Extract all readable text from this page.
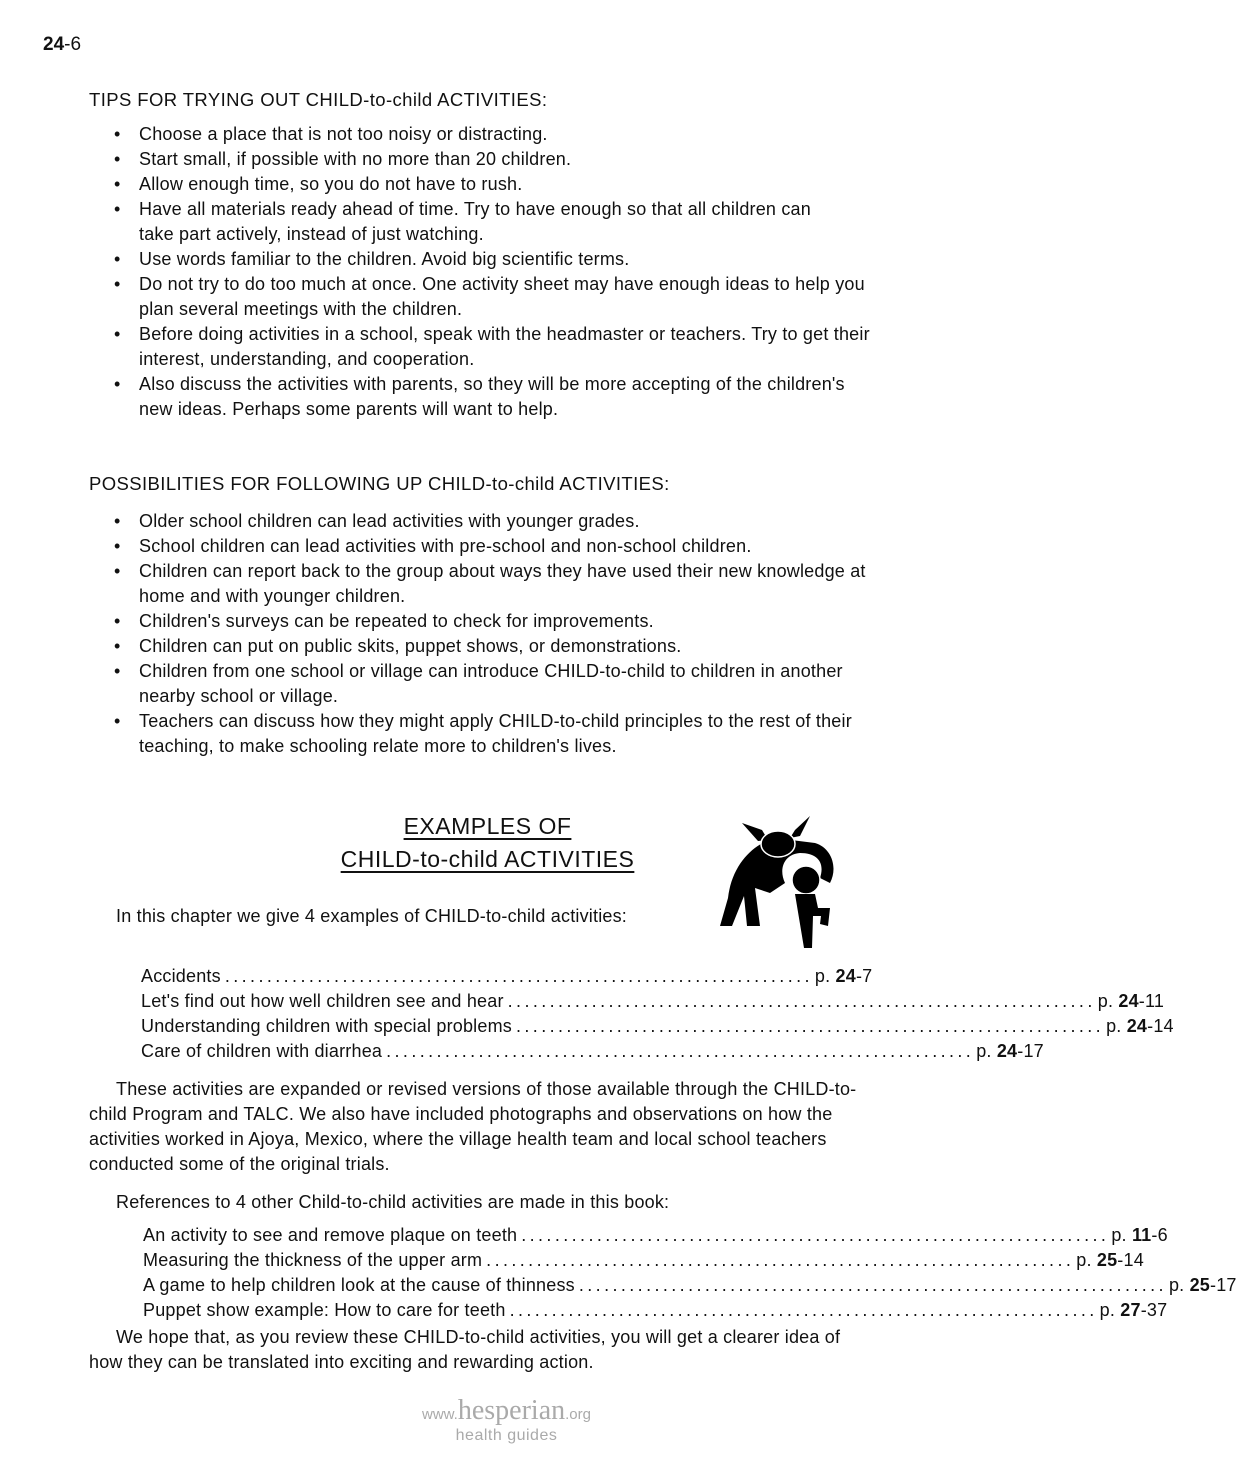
24-6
TIPS FOR TRYING OUT CHILD-to-child ACTIVITIES:
• Choose a place that is not too noisy or distracting.
• Start small, if possible with no more than 20 children.
• Allow enough time, so you do not have to rush.
• Have all materials ready ahead of time. Try to have enough so that all children can take part actively, instead of just watching.
• Use words familiar to the children. Avoid big scientific terms.
• Do not try to do too much at once. One activity sheet may have enough ideas to help you plan several meetings with the children.
• Before doing activities in a school, speak with the headmaster or teachers. Try to get their interest, understanding, and cooperation.
• Also discuss the activities with parents, so they will be more accepting of the children's new ideas. Perhaps some parents will want to help.
POSSIBILITIES FOR FOLLOWING UP CHILD-to-child ACTIVITIES:
• Older school children can lead activities with younger grades.
• School children can lead activities with pre-school and non-school children.
• Children can report back to the group about ways they have used their new knowledge at home and with younger children.
• Children's surveys can be repeated to check for improvements.
• Children can put on public skits, puppet shows, or demonstrations.
• Children from one school or village can introduce CHILD-to-child to children in another nearby school or village.
• Teachers can discuss how they might apply CHILD-to-child principles to the rest of their teaching, to make schooling relate more to children's lives.
EXAMPLES OF
CHILD-to-child ACTIVITIES
In this chapter we give 4 examples of CHILD-to-child activities:
Accidents ...................................................................... p. 24-7
Let's find out how well children see and hear ...................................................................... p. 24-11
Understanding children with special problems ...................................................................... p. 24-14
Care of children with diarrhea ...................................................................... p. 24-17
These activities are expanded or revised versions of those available through the CHILD-to-child Program and TALC. We also have included photographs and observations on how the activities worked in Ajoya, Mexico, where the village health team and local school teachers conducted some of the original trials.
References to 4 other Child-to-child activities are made in this book:
An activity to see and remove plaque on teeth ...................................................................... p. 11-6
Measuring the thickness of the upper arm ...................................................................... p. 25-14
A game to help children look at the cause of thinness ...................................................................... p. 25-17
Puppet show example: How to care for teeth ...................................................................... p. 27-37
We hope that, as you review these CHILD-to-child activities, you will get a clearer idea of how they can be translated into exciting and rewarding action.
www.hesperian.org
health guides
